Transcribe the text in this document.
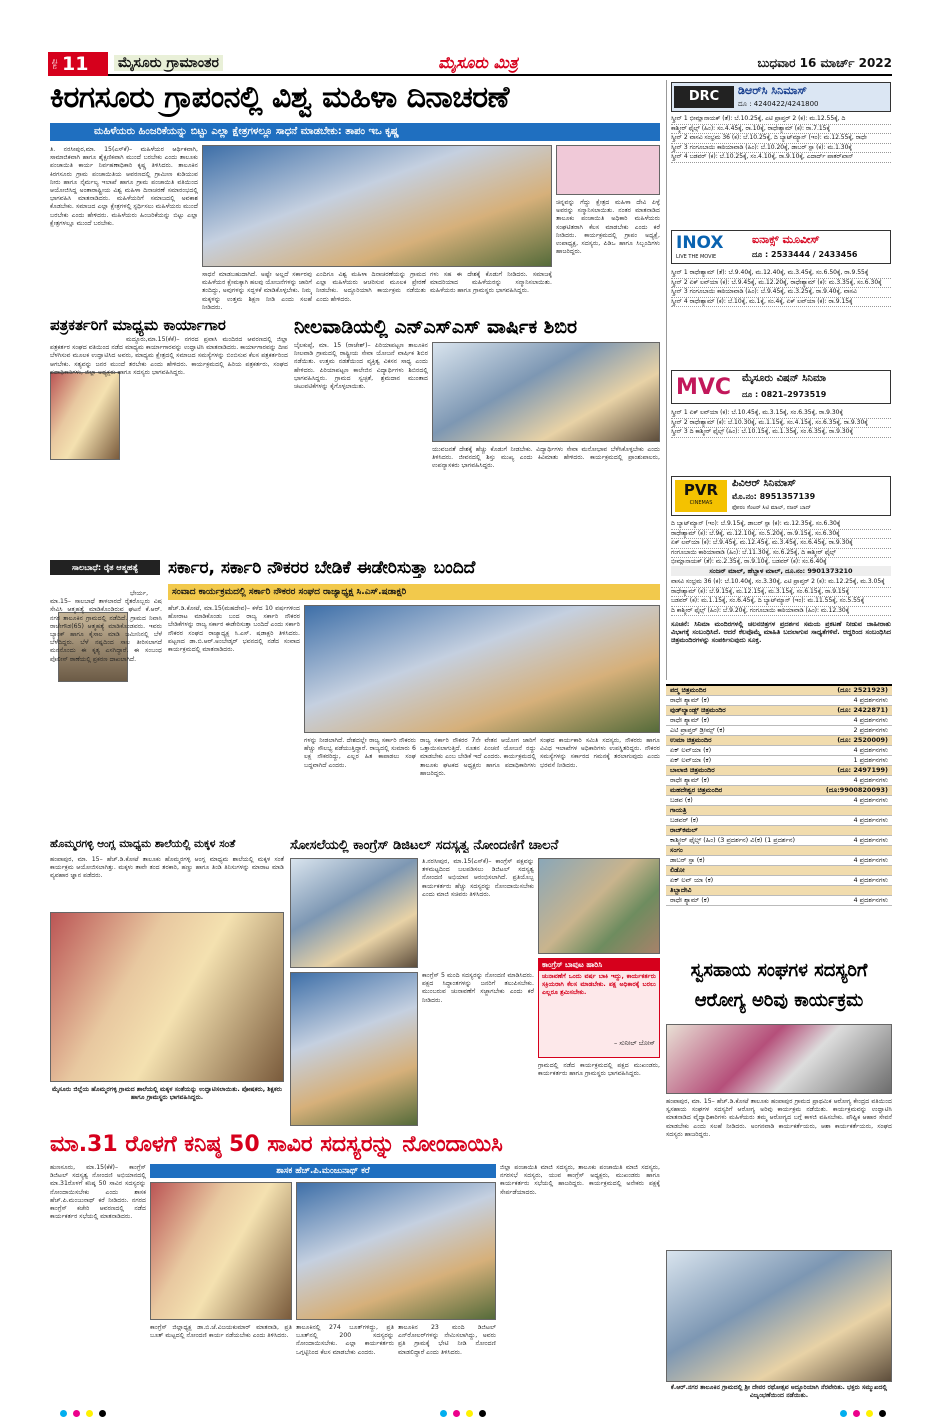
ಪುಟ 11 ಮೈಸೂರು ಗ್ರಾಮಾಂತರ	ಮೈಸೂರು ಮಿತ್ರ	ಬುಧವಾರ 16 ಮಾರ್ಚ್ 2022
ಕಿರಗಸೂರು ಗ್ರಾಪಂನಲ್ಲಿ ವಿಶ್ವ ಮಹಿಳಾ ದಿನಾಚರಣೆ
ಮಹಿಳೆಯರು ಹಿಂಜರಿಕೆಯನ್ನು ಬಿಟ್ಟು ಎಲ್ಲಾ ಕ್ಷೇತ್ರಗಳಲ್ಲೂ ಸಾಧನೆ ಮಾಡಬೇಕು: ತಾಪಂ ಇಒ ಕೃಷ್ಣ
ತಿ. ನರಸೀಪುರ,ಮಾ. 15(ಎಸ್‌ಕೆ)– ಮಹಿಳೆಯರ ಆರ್ಥಿಕವಾಗಿ, ಸಾಮಾಜಿಕವಾಗಿ ಹಾಗೂ ಶೈಕ್ಷಣಿಕವಾಗಿ ಮುಂದೆ ಬರಬೇಕು ಎಂದು ತಾಲೂಕು ಪಂಚಾಯಿತಿ ಕಾರ್ಯ ನಿರ್ವಹಣಾಧಿಕಾರಿ ಕೃಷ್ಣ ತಿಳಿಸಿದರು. ತಾಲೂಕಿನ ಕಿರಗಸೂರು ಗ್ರಾಮ ಪಂಚಾಯಿತಿಯ ಆವರಣದಲ್ಲಿ ಗ್ರಾಮೀಣ ಕುಡಿಯುವ ನೀರು ಹಾಗೂ ನೈರ್ಮಲ್ಯ ಇಲಾಖೆ ಹಾಗೂ ಗ್ರಾಮ ಪಂಚಾಯಿತಿ ವತಿಯಿಂದ ಆಯೋಜಿಸಿದ್ದ ಅಂತಾರಾಷ್ಟ್ರೀಯ ವಿಶ್ವ ಮಹಿಳಾ ದಿನಾಚರಣೆ ಸಮಾರಂಭದಲ್ಲಿ ಭಾಗವಹಿಸಿ ಮಾತನಾಡಿದರು. ಮಹಿಳೆಯರಿಗೆ ಸಮಾಜದಲ್ಲಿ ಅವಕಾಶ ಕೊಡಬೇಕು. ಸಮಾಜದ ಎಲ್ಲಾ ಕ್ಷೇತ್ರಗಳಲ್ಲಿ ಸ್ಪರ್ಧಿಸಲು ಮಹಿಳೆಯರು ಮುಂದೆ ಬರಬೇಕು ಎಂದು ಹೇಳಿದರು. ಮಹಿಳೆಯರು ಹಿಂಜರಿಕೆಯನ್ನು ಬಿಟ್ಟು ಎಲ್ಲಾ ಕ್ಷೇತ್ರಗಳಲ್ಲೂ ಮುಂದೆ ಬರಬೇಕು.
ಸಾಧನೆ ಮಾಡಬಹುದಾಗಿದೆ. ಅಷ್ಟೇ ಅಲ್ಲದೆ ಸರ್ಕಾರವು ಮಹಿಳೆಯರ ಕ್ಷೇಮಕ್ಕಾಗಿ ಹಲವು ಯೋಜನೆಗಳನ್ನು ಜಾರಿಗೆ ತಂದಿದ್ದು, ಅವುಗಳನ್ನು ಸದ್ಬಳಕೆ ಮಾಡಿಕೊಳ್ಳಬೇಕು. ನಿಮ್ಮ ಮಕ್ಕಳನ್ನು ಉತ್ತಮ ಶಿಕ್ಷಣ ನೀಡಿ ಎಂದು ಸಲಹೆ ನೀಡಿದರು.
ಎಂದಿಗೂ ವಿಶ್ವ ಮಹಿಳಾ ದಿನಾಚರಣೆಯನ್ನು ಗ್ರಾಮದ ಎಲ್ಲಾ ಮಹಿಳೆಯರು ಆಚರಿಸುವ ಮೂಲಕ ಪ್ರೇರಣೆ ನೀಡಬೇಕು. ಅದ್ದೂರಿಯಾಗಿ ಕಾರ್ಯಕ್ರಮ ನಡೆಯಿತು ಎಂದು ಹೇಳಿದರು.
ಗಳು ಸಹ ಈ ದೇಶಕ್ಕೆ ಕೊಡುಗೆ ನೀಡಿದರು. ಸಮಾಜಕ್ಕೆ ಮಾದರಿಯಾದ ಮಹಿಳೆಯರನ್ನು ಸನ್ಮಾನಿಸಲಾಯಿತು. ಮಹಿಳೆಯರು ಹಾಗೂ ಗ್ರಾಮಸ್ಥರು ಭಾಗವಹಿಸಿದ್ದರು.
ಚಿನ್ನವನ್ನು ಗೆದ್ದು ಕ್ಷೇತ್ರದ ಮಹಿಳಾ ದೇವಿ ಪಿಳ್ಳೆ ಅವರನ್ನು ಸನ್ಮಾನಿಸಲಾಯಿತು. ನಂತರ ಮಾತನಾಡಿದ ತಾಲೂಕು ಪಂಚಾಯಿತಿ ಅಧಿಕಾರಿ ಮಹಿಳೆಯರು ಸಂಘಟಿತರಾಗಿ ಕೆಲಸ ಮಾಡಬೇಕು ಎಂದು ಕರೆ ನೀಡಿದರು. ಕಾರ್ಯಕ್ರಮದಲ್ಲಿ ಗ್ರಾಪಂ ಅಧ್ಯಕ್ಷೆ, ಉಪಾಧ್ಯಕ್ಷ, ಸದಸ್ಯರು, ಪಿಡಿಒ ಹಾಗೂ ಸಿಬ್ಬಂದಿಗಳು ಹಾಜರಿದ್ದರು.
DRC	ಡಿಆರ್‌ಸಿ ಸಿನಿಮಾಸ್
ದೂ : 4240422/4241800
ಸ್ಕ್ರೀನ್ 1 ಭೀಮ್ಲಾನಾಯಕ್ (ತೆ): ಬೆ.10.25ಕ್ಕೆ, ಎಟಿ ಪ್ರಾಪ್ತರ್ 2 (ಕ): ಮ.12.55ಕ್ಕೆ, ದಿ
ಕಾಶ್ಮೀರ್ ಫೈಲ್ಸ್ (ಹಿಂ): ಸಂ.4.45ಕ್ಕೆ, ರಾ.10ಕ್ಕೆ, ರಾಧೇಶ್ಯಾಮ್ (ಕ): ರಾ.7.15ಕ್ಕೆ
ಸ್ಕ್ರೀನ್ 2 ವಾಸವಿ ಸಂಭ್ರಮ 36 (ಕ): ಬೆ.10.25ಕ್ಕೆ, ದಿ ಬ್ಯಾಟ್‌ಮ್ಯಾನ್ (ಇಂ): ಮ.12.55ಕ್ಕೆ, ರಾಧೇ
ಸ್ಕ್ರೀನ್ 3 ಗಂಗೂಬಾಯಿ ಕಾಠಿಯಾವಾಡಿ (ಹಿಂ): ಬೆ.10.20ಕ್ಕೆ, ಡಾಬರ್ ಸ್ಪಾ (ಕ): ಮ.1.30ಕ್ಕೆ
ಸ್ಕ್ರೀನ್ 4 ಬಡವರ್ (ಕ): ಬೆ.10.25ಕ್ಕೆ, ಸಂ.4.10ಕ್ಕೆ, ರಾ.9.10ಕ್ಕೆ, ಎದಾರ್ದ್ ಪಾತರ್‌ಖಾನ್
INOX
LIVE THE MOVIE
ಐನಾಕ್ಸ್ ಮೂವೀಸ್
ದೂ : 2533444 / 2433456
ಸ್ಕ್ರೀನ್ 1 ರಾಧೇಶ್ಯಾಮ್ (ತೆ): ಬೆ.9.40ಕ್ಕೆ, ಮ.12.40ಕ್ಕೆ, ಮ.3.45ಕ್ಕೆ, ಸಂ.6.50ಕ್ಕೆ, ರಾ.9.55ಕ್ಕೆ
ಸ್ಕ್ರೀನ್ 2 ಏಕ್ ಲವ್‌ಯಾ (ಕ): ಬೆ.9.45ಕ್ಕೆ, ಮ.12.20ಕ್ಕೆ, ರಾಧೇಶ್ಯಾಮ್ (ಕ): ಮ.3.35ಕ್ಕೆ, ಸಂ.6.30ಕ್ಕೆ
ಸ್ಕ್ರೀನ್ 3 ಗಂಗೂಬಾಯಿ ಕಾಠಿಯಾವಾಡಿ (ಹಿಂ): ಬೆ.9.45ಕ್ಕೆ, ಮ.3.25ಕ್ಕೆ, ರಾ.9.40ಕ್ಕೆ, ವಾಸವಿ
ಸ್ಕ್ರೀನ್ 4 ರಾಧೇಶ್ಯಾಮ್ (ಕ): ಬೆ.10ಕ್ಕೆ, ಮ.1ಕ್ಕೆ, ಸಂ.4ಕ್ಕೆ, ಏಕ್ ಲವ್‌ಯಾ (ಕ): ರಾ.9.15ಕ್ಕೆ
MVC	ಮೈಸೂರು ವಿಷನ್ ಸಿನಿಮಾ
ದೂ : 0821–2973519
ಸ್ಕ್ರೀನ್ 1 ಏಕ್ ಲವ್‌ಯಾ (ಕ): ಬೆ.10.45ಕ್ಕೆ, ಮ.3.15ಕ್ಕೆ, ಸಂ.6.35ಕ್ಕೆ, ರಾ.9.30ಕ್ಕೆ
ಸ್ಕ್ರೀನ್ 2 ರಾಧೇಶ್ಯಾಮ್ (ಕ): ಬೆ.10.30ಕ್ಕೆ, ಮ.1.15ಕ್ಕೆ, ಸಂ.4.15ಕ್ಕೆ, ಸಂ.6.35ಕ್ಕೆ, ರಾ.9.30ಕ್ಕೆ
ಸ್ಕ್ರೀನ್ 3 ದಿ ಕಾಶ್ಮೀರ್ ಫೈಲ್ಸ್ (ಹಿಂ): ಬೆ.10.15ಕ್ಕೆ, ಮ.1.35ಕ್ಕೆ, ಸಂ.6.35ಕ್ಕೆ, ರಾ.9.30ಕ್ಕೆ
PVR
CINEMAS
ಪಿವಿಆರ್ ಸಿನಿಮಾಸ್
ಮೊ.ನಂ: 8951357139
ಫೋರಂ ಸೆಂಟರ್ ಸಿಟಿ ಮಾಲ್, ನಜರ್ ಬಾದ್
ದಿ ಬ್ಯಾಟ್‌ಮ್ಯಾನ್ (ಇಂ): ಬೆ.9.15ಕ್ಕೆ, ಡಾಬರ್ ಸ್ಪಾ (ಕ): ಮ.12.35ಕ್ಕೆ, ಸಂ.6.30ಕ್ಕೆ
ರಾಧೇಶ್ಯಾಮ್ (ಕ): ಬೆ.9ಕ್ಕೆ, ಮ.12.10ಕ್ಕೆ, ಸಂ.5.20ಕ್ಕೆ, ರಾ.9.15ಕ್ಕೆ, ಸಂ.6.30ಕ್ಕೆ
ಏಕ್ ಲವ್‌ಯಾ (ಕ): ಬೆ.9.45ಕ್ಕೆ, ಮ.12.45ಕ್ಕೆ, ಮ.3.45ಕ್ಕೆ, ಸಂ.6.45ಕ್ಕೆ, ರಾ.9.30ಕ್ಕೆ
ಗಂಗೂಬಾಯಿ ಕಾಠಿಯಾವಾಡಿ (ಹಿಂ): ಬೆ.11.30ಕ್ಕೆ, ಸಂ.6.25ಕ್ಕೆ, ದಿ ಕಾಶ್ಮೀರ್ ಫೈಲ್ಸ್
ಭೀಮ್ಲಾನಾಯಕ್ (ತೆ): ಮ.2.35ಕ್ಕೆ, ರಾ.9.10ಕ್ಕೆ, ಬಡವರ್ (ಕ): ಸಂ.6.40ಕ್ಕೆ
ಸಂಜನ್ ಮಾಲ್, ಹೆಬ್ಬಾಳ ಮಾಲ್, ದೂ.ನಂ: 9901373210
ವಾಸವಿ ಸಂಭ್ರಮ 36 (ಕ): ಬೆ.10.40ಕ್ಕೆ, ಸಂ.3.30ಕ್ಕೆ, ಎಟಿ ಪ್ರಾಪ್ತರ್ 2 (ಕ): ಮ.12.25ಕ್ಕೆ, ಮ.3.05ಕ್ಕೆ
ರಾಧೇಶ್ಯಾಮ್ (ಕ): ಬೆ.9.15ಕ್ಕೆ, ಮ.12.15ಕ್ಕೆ, ಮ.3.15ಕ್ಕೆ, ಸಂ.6.15ಕ್ಕೆ, ರಾ.9.15ಕ್ಕೆ
ಬಡವರ್ (ಕ): ಮ.1.15ಕ್ಕೆ, ಸಂ.6.45ಕ್ಕೆ, ದಿ ಬ್ಯಾಟ್‌ಮ್ಯಾನ್ (ಇಂ): ಮ.11.55ಕ್ಕೆ, ಸಂ.5.55ಕ್ಕೆ
ದಿ ಕಾಶ್ಮೀರ್ ಫೈಲ್ಸ್ (ಹಿಂ): ಬೆ.9.20ಕ್ಕೆ, ಗಂಗೂಬಾಯಿ ಕಾಠಿಯಾವಾಡಿ (ಹಿಂ): ಮ.12.30ಕ್ಕೆ
ಸೂಚನೆ: ಸಿನಿಮಾ ಮಂದಿರಗಳಲ್ಲಿ ಚಲನಚಿತ್ರಗಳ ಪ್ರದರ್ಶನ ಸಮಯ ಪ್ರಕಟಣೆ ನೀಡುವ ಜಾಹೀರಾತು ವಿಭಾಗಕ್ಕೆ ಸಂಬಂಧಿಸಿದೆ. ಆದರೆ ಕೆಲವೊಮ್ಮೆ ಮಾಹಿತಿ ಬದಲಾಗುವ ಸಾಧ್ಯತೆಗಳಿವೆ. ಆದ್ದರಿಂದ ಸಂಬಂಧಿಸಿದ ಚಿತ್ರಮಂದಿರಗಳನ್ನು ಸಂಪರ್ಕಿಸುವುದು ಸೂಕ್ತ.
ಪದ್ಮ ಚಿತ್ರಮಂದಿರ	(ದೂ: 2521923)
ರಾಧೇ ಶ್ಯಾಮ್ (ಕ)	4 ಪ್ರದರ್ಶನಗಳು
ವುಡ್‌ಲ್ಯಾಂಡ್ಸ್ ಚಿತ್ರಮಂದಿರ	(ದೂ: 2422871)
ರಾಧೇ ಶ್ಯಾಮ್ (ಕ)	4 ಪ್ರದರ್ಶನಗಳು
ಎಟಿ ಪ್ರಾಪ್ತರ್ ಡ್ರೀಮ್ಸ್ (ಕ)	2 ಪ್ರದರ್ಶನಗಳು
ಉಮಾ ಚಿತ್ರಮಂದಿರ	(ದೂ: 2520009)
ಏಕ್ ಲವ್‌ಯಾ (ಕ)	4 ಪ್ರದರ್ಶನಗಳು
ಏಕ್ ಲವ್‌ಯಾ (ಕ)	1 ಪ್ರದರ್ಶನಗಳು
ಬಾಲಾಜಿ ಚಿತ್ರಮಂದಿರ	(ದೂ: 2497199)
ರಾಧೇ ಶ್ಯಾಮ್ (ಕ)	4 ಪ್ರದರ್ಶನಗಳು
ಮಹದೇಶ್ವರ ಚಿತ್ರಮಂದಿರ	(ದೂ:9900820093)
ಬಡವ (ಕ)	4 ಪ್ರದರ್ಶನಗಳು
ಗಾಯತ್ರಿ
ಬಡವರ್ (ಕ)	4 ಪ್ರದರ್ಶನಗಳು
ರಾಜ್‌ಕಮಲ್
ಕಾಶ್ಮೀರ್ ಫೈಲ್ಸ್ (ಹಿಂ) (3 ಪ್ರದರ್ಶನ) ವಿ(ಕ) (1 ಪ್ರದರ್ಶನ)	4 ಪ್ರದರ್ಶನಗಳು
ಸಂಗಂ
ಡಾಬರ್ ಸ್ಪಾ (ಕ)	4 ಪ್ರದರ್ಶನಗಳು
ಲಿಡೋ
ಏಕ್ ಲವ್ ಯಾ (ಕ)	4 ಪ್ರದರ್ಶನಗಳು
ತಿಬ್ಬಾದೇವಿ
ರಾಧೇ ಶ್ಯಾಮ್ (ಕ)	4 ಪ್ರದರ್ಶನಗಳು
ಪತ್ರಕರ್ತರಿಗೆ ಮಾಧ್ಯಮ ಕಾರ್ಯಾಗಾರ
ಮದ್ದೂರು,ಮಾ.15(ಕೆಕೆ)– ನಗರದ ಪ್ರವಾಸಿ ಮಂದಿರದ ಆವರಣದಲ್ಲಿ ಜಿಲ್ಲಾ ಪತ್ರಕರ್ತರ ಸಂಘದ ವತಿಯಿಂದ ನಡೆದ ಮಾಧ್ಯಮ ಕಾರ್ಯಾಗಾರವನ್ನು ಉದ್ಘಾಟಿಸಿ ಮಾತನಾಡಿದರು. ಕಾರ್ಯಾಗಾರವನ್ನು ದೀಪ ಬೆಳಗಿಸುವ ಮೂಲಕ ಉದ್ಘಾಟಿಸಿದ ಅವರು, ಮಾಧ್ಯಮ ಕ್ಷೇತ್ರದಲ್ಲಿ ಸಮಾಜದ ಸಮಸ್ಯೆಗಳನ್ನು ಬಿಂಬಿಸುವ ಕೆಲಸ ಪತ್ರಕರ್ತರಿಂದ ಆಗಬೇಕು. ಸತ್ಯವನ್ನು ಜನರ ಮುಂದೆ ತರಬೇಕು ಎಂದು ಹೇಳಿದರು. ಕಾರ್ಯಕ್ರಮದಲ್ಲಿ ಹಿರಿಯ ಪತ್ರಕರ್ತರು, ಸಂಘದ ಪದಾಧಿಕಾರಿಗಳು, ಜಿಲ್ಲಾ ಅಧ್ಯಕ್ಷರು ಹಾಗೂ ಸದಸ್ಯರು ಭಾಗವಹಿಸಿದ್ದರು.
ನೀಲವಾಡಿಯಲ್ಲಿ ಎನ್‌ಎಸ್‌ಎಸ್ ವಾರ್ಷಿಕ ಶಿಬಿರ
ಬೈಲಕುಪ್ಪೆ, ಮಾ. 15 (ರಾಜೇಶ್)– ಪಿರಿಯಾಪಟ್ಟಣ ತಾಲೂಕಿನ ನೀಲವಾಡಿ ಗ್ರಾಮದಲ್ಲಿ ರಾಷ್ಟ್ರೀಯ ಸೇವಾ ಯೋಜನೆ ವಾರ್ಷಿಕ ಶಿಬಿರ ನಡೆಯಿತು. ಉತ್ತಮ ನಡತೆಯಿಂದ ವ್ಯಕ್ತಿತ್ವ ವಿಕಸನ ಸಾಧ್ಯ ಎಂದು ಹೇಳಿದರು. ಪಿರಿಯಾಪಟ್ಟಣ ಕಾಲೇಜಿನ ವಿದ್ಯಾರ್ಥಿಗಳು ಶಿಬಿರದಲ್ಲಿ ಭಾಗವಹಿಸಿದ್ದರು. ಗ್ರಾಮದ ಸ್ವಚ್ಛತೆ, ಶ್ರಮದಾನ ಮುಂತಾದ ಚಟುವಟಿಕೆಗಳನ್ನು ಕೈಗೊಳ್ಳಲಾಯಿತು.
ಯುವಜನತೆ ದೇಶಕ್ಕೆ ಹೆಚ್ಚು ಕೊಡುಗೆ ನೀಡಬೇಕು. ವಿದ್ಯಾರ್ಥಿಗಳು ಸೇವಾ ಮನೋಭಾವ ಬೆಳೆಸಿಕೊಳ್ಳಬೇಕು ಎಂದು ತಿಳಿಸಿದರು. ಜೀವನದಲ್ಲಿ ಶಿಸ್ತು ಮುಖ್ಯ ಎಂದು ಕಿವಿಮಾತು ಹೇಳಿದರು. ಕಾರ್ಯಕ್ರಮದಲ್ಲಿ ಪ್ರಾಂಶುಪಾಲರು, ಉಪನ್ಯಾಸಕರು ಭಾಗವಹಿಸಿದ್ದರು.
ಸಾಲಬಾಧೆ: ರೈತ ಆತ್ಮಹತ್ಯೆ
ಭೇರ್ಯ, ಮಾ.15– ಸಾಲಬಾಧೆ ತಾಳಲಾರದೆ ರೈತರೊಬ್ಬರು ವಿಷ ಸೇವಿಸಿ ಆತ್ಮಹತ್ಯೆ ಮಾಡಿಕೊಂಡಿರುವ ಘಟನೆ ಕೆ.ಆರ್. ನಗರ ತಾಲೂಕಿನ ಗ್ರಾಮದಲ್ಲಿ ನಡೆದಿದೆ. ಗ್ರಾಮದ ನಿವಾಸಿ ರಾಜೇಗೌಡ(65) ಆತ್ಮಹತ್ಯೆ ಮಾಡಿಕೊಂಡವರು. ಇವರು ಬ್ಯಾಂಕ್ ಹಾಗೂ ಕೈಸಾಲ ಮಾಡಿ ಜಮೀನಿನಲ್ಲಿ ಬೆಳೆ ಬೆಳೆದಿದ್ದರು. ಬೆಳೆ ನಷ್ಟದಿಂದ ಸಾಲ ತೀರಿಸಲಾಗದೆ ಮನನೊಂದು ಈ ಕೃತ್ಯ ಎಸಗಿದ್ದಾರೆ. ಈ ಸಂಬಂಧ ಪೊಲೀಸ್ ಠಾಣೆಯಲ್ಲಿ ಪ್ರಕರಣ ದಾಖಲಾಗಿದೆ.
ಸರ್ಕಾರ, ಸರ್ಕಾರಿ ನೌಕರರ ಬೇಡಿಕೆ ಈಡೇರಿಸುತ್ತಾ ಬಂದಿದೆ
ಸಂವಾದ ಕಾರ್ಯಕ್ರಮದಲ್ಲಿ ಸರ್ಕಾರಿ ನೌಕರರ ಸಂಘದ ರಾಜ್ಯಾಧ್ಯಕ್ಷ ಸಿ.ಎಸ್.ಷಡಾಕ್ಷರಿ
ಹೆಚ್.ಡಿ.ಕೋಟೆ, ಮಾ.15(ಮಹದೇವ)– ಕಳೆದ 10 ವರ್ಷಗಳಿಂದ ಹೋರಾಟ ಮಾಡಿಕೊಂಡು ಬಂದ ರಾಜ್ಯ ಸರ್ಕಾರಿ ನೌಕರರ ಬೇಡಿಕೆಗಳನ್ನು ರಾಜ್ಯ ಸರ್ಕಾರ ಈಡೇರಿಸುತ್ತಾ ಬಂದಿದೆ ಎಂದು ಸರ್ಕಾರಿ ನೌಕರರ ಸಂಘದ ರಾಜ್ಯಾಧ್ಯಕ್ಷ ಸಿ.ಎಸ್. ಷಡಾಕ್ಷರಿ ತಿಳಿಸಿದರು. ಪಟ್ಟಣದ ಡಾ.ಬಿ.ಆರ್.ಅಂಬೇಡ್ಕರ್ ಭವನದಲ್ಲಿ ನಡೆದ ಸಂವಾದ ಕಾರ್ಯಕ್ರಮದಲ್ಲಿ ಮಾತನಾಡಿದರು.
ಗಳನ್ನು ನೀಡಲಾಗಿದೆ. ದೇಶದಲ್ಲೇ ರಾಜ್ಯ ಸರ್ಕಾರಿ ನೌಕರರು ಹೆಚ್ಚು ಸೌಲಭ್ಯ ಪಡೆಯುತ್ತಿದ್ದಾರೆ. ರಾಜ್ಯದಲ್ಲಿ ಸುಮಾರು 6 ಲಕ್ಷ ನೌಕರರಿದ್ದು, ಎಲ್ಲರ ಹಿತ ಕಾಪಾಡಲು ಸಂಘ ಬದ್ಧವಾಗಿದೆ ಎಂದರು.
ರಾಜ್ಯ ಸರ್ಕಾರಿ ನೌಕರರ 7ನೇ ವೇತನ ಆಯೋಗ ಜಾರಿಗೆ ಒತ್ತಾಯಿಸಲಾಗುತ್ತಿದೆ. ನೂತನ ಪಿಂಚಣಿ ಯೋಜನೆ ರದ್ದು ಮಾಡಬೇಕು ಎಂಬ ಬೇಡಿಕೆ ಇದೆ ಎಂದರು. ಕಾರ್ಯಕ್ರಮದಲ್ಲಿ ತಾಲೂಕು ಘಟಕದ ಅಧ್ಯಕ್ಷರು ಹಾಗೂ ಪದಾಧಿಕಾರಿಗಳು ಹಾಜರಿದ್ದರು.
ಸಂಘದ ಕಾರ್ಯಕಾರಿ ಸಮಿತಿ ಸದಸ್ಯರು, ನೌಕರರು ಹಾಗೂ ವಿವಿಧ ಇಲಾಖೆಗಳ ಅಧಿಕಾರಿಗಳು ಉಪಸ್ಥಿತರಿದ್ದರು. ನೌಕರರ ಸಮಸ್ಯೆಗಳನ್ನು ಸರ್ಕಾರದ ಗಮನಕ್ಕೆ ತರಲಾಗುವುದು ಎಂದು ಭರವಸೆ ನೀಡಿದರು.
ಹೊಮ್ಮರಗಳ್ಳಿ ಆಂಗ್ಲ ಮಾಧ್ಯಮ ಶಾಲೆಯಲ್ಲಿ ಮಕ್ಕಳ ಸಂತೆ
ಹಂಪಾಪುರ, ಮಾ. 15– ಹೆಚ್.ಡಿ.ಕೋಟೆ ತಾಲೂಕು ಹೊಮ್ಮರಗಳ್ಳಿ ಆಂಗ್ಲ ಮಾಧ್ಯಮ ಶಾಲೆಯಲ್ಲಿ ಮಕ್ಕಳ ಸಂತೆ ಕಾರ್ಯಕ್ರಮ ಆಯೋಜಿಸಲಾಗಿತ್ತು. ಮಕ್ಕಳು ತಾವೇ ತಂದ ತರಕಾರಿ, ಹಣ್ಣು ಹಾಗೂ ತಿಂಡಿ ತಿನಿಸುಗಳನ್ನು ಮಾರಾಟ ಮಾಡಿ ವ್ಯವಹಾರ ಜ್ಞಾನ ಪಡೆದರು.
ಮೈಸೂರು ಜಿಲ್ಲೆಯ ಹೊಮ್ಮರಗಳ್ಳಿ ಗ್ರಾಮದ ಶಾಲೆಯಲ್ಲಿ ಮಕ್ಕಳ ಸಂತೆಯನ್ನು ಉದ್ಘಾಟಿಸಲಾಯಿತು. ಪೋಷಕರು, ಶಿಕ್ಷಕರು ಹಾಗೂ ಗ್ರಾಮಸ್ಥರು ಭಾಗವಹಿಸಿದ್ದರು.
ಸೋಸಲೆಯಲ್ಲಿ ಕಾಂಗ್ರೆಸ್ ಡಿಜಿಟಲ್ ಸದಸ್ಯತ್ವ ನೋಂದಣಿಗೆ ಚಾಲನೆ
ತಿ.ನರಸೀಪುರ, ಮಾ.15(ಎಸ್‌ಕೆ)– ಕಾಂಗ್ರೆಸ್ ಪಕ್ಷವನ್ನು ತಳಮಟ್ಟದಿಂದ ಬಲಪಡಿಸಲು ಡಿಜಿಟಲ್ ಸದಸ್ಯತ್ವ ನೋಂದಣಿ ಅಭಿಯಾನ ಆರಂಭಿಸಲಾಗಿದೆ. ಪ್ರತಿಯೊಬ್ಬ ಕಾರ್ಯಕರ್ತರು ಹೆಚ್ಚು ಸದಸ್ಯರನ್ನು ನೋಂದಾಯಿಸಬೇಕು ಎಂದು ಮಾಜಿ ಸಚಿವರು ತಿಳಿಸಿದರು.
ಕಾಂಗ್ರೆಸ್ 5 ಮಂದಿ ಸದಸ್ಯರನ್ನು ನೋಂದಣಿ ಮಾಡಿಸಿದರು. ಪಕ್ಷದ ಸಿದ್ಧಾಂತಗಳನ್ನು ಜನರಿಗೆ ತಲುಪಿಸಬೇಕು. ಮುಂಬರುವ ಚುನಾವಣೆಗೆ ಸಜ್ಜಾಗಬೇಕು ಎಂದು ಕರೆ ನೀಡಿದರು.
ಕಾಂಗ್ರೆಸ್ ಬಾವುಟ ಹಾರಿಸಿ
ಚುನಾವಣೆಗೆ ಒಂದು ವರ್ಷ ಬಾಕಿ ಇದ್ದು, ಕಾರ್ಯಕರ್ತರು ಸಕ್ರಿಯರಾಗಿ ಕೆಲಸ ಮಾಡಬೇಕು. ಪಕ್ಷ ಅಧಿಕಾರಕ್ಕೆ ಬರಲು ಎಲ್ಲರೂ ಶ್ರಮಿಸಬೇಕು.
– ಸುನೀಲ್ ಬೋಸ್
ಗ್ರಾಮದಲ್ಲಿ ನಡೆದ ಕಾರ್ಯಕ್ರಮದಲ್ಲಿ ಪಕ್ಷದ ಮುಖಂಡರು, ಕಾರ್ಯಕರ್ತರು ಹಾಗೂ ಗ್ರಾಮಸ್ಥರು ಭಾಗವಹಿಸಿದ್ದರು.
ಸ್ವಸಹಾಯ ಸಂಘಗಳ ಸದಸ್ಯರಿಗೆ ಆರೋಗ್ಯ ಅರಿವು ಕಾರ್ಯಕ್ರಮ
ಹಂಪಾಪುರ, ಮಾ. 15– ಹೆಚ್.ಡಿ.ಕೋಟೆ ತಾಲೂಕು ಹಂಪಾಪುರ ಗ್ರಾಮದ ಪ್ರಾಥಮಿಕ ಆರೋಗ್ಯ ಕೇಂದ್ರದ ವತಿಯಿಂದ ಸ್ವಸಹಾಯ ಸಂಘಗಳ ಸದಸ್ಯರಿಗೆ ಆರೋಗ್ಯ ಅರಿವು ಕಾರ್ಯಕ್ರಮ ನಡೆಯಿತು. ಕಾರ್ಯಕ್ರಮವನ್ನು ಉದ್ಘಾಟಿಸಿ ಮಾತನಾಡಿದ ವೈದ್ಯಾಧಿಕಾರಿಗಳು ಮಹಿಳೆಯರು ತಮ್ಮ ಆರೋಗ್ಯದ ಬಗ್ಗೆ ಕಾಳಜಿ ವಹಿಸಬೇಕು. ಪೌಷ್ಟಿಕ ಆಹಾರ ಸೇವನೆ ಮಾಡಬೇಕು ಎಂದು ಸಲಹೆ ನೀಡಿದರು. ಅಂಗನವಾಡಿ ಕಾರ್ಯಕರ್ತೆಯರು, ಆಶಾ ಕಾರ್ಯಕರ್ತೆಯರು, ಸಂಘದ ಸದಸ್ಯರು ಹಾಜರಿದ್ದರು.
ಕೆ.ಆರ್.ನಗರ ತಾಲೂಕಿನ ಗ್ರಾಮದಲ್ಲಿ ಶ್ರೀ ದೇವರ ರಥೋತ್ಸವ ಅದ್ದೂರಿಯಾಗಿ ನೆರವೇರಿತು. ಭಕ್ತರು ಸಮ್ಮುಖದಲ್ಲಿ ವಿಜೃಂಭಣೆಯಿಂದ ನಡೆಯಿತು.
ಮಾ.31 ರೊಳಗೆ ಕನಿಷ್ಠ 50 ಸಾವಿರ ಸದಸ್ಯರನ್ನು ನೋಂದಾಯಿಸಿ
ಶಾಸಕ ಹೆಚ್.ಪಿ.ಮಂಜುನಾಥ್ ಕರೆ
ಹುಣಸೂರು, ಮಾ.15(ಕೆಕೆ)– ಕಾಂಗ್ರೆಸ್ ಡಿಜಿಟಲ್ ಸದಸ್ಯತ್ವ ನೋಂದಣಿ ಅಭಿಯಾನದಲ್ಲಿ ಮಾ.31ರೊಳಗೆ ಕನಿಷ್ಠ 50 ಸಾವಿರ ಸದಸ್ಯರನ್ನು ನೋಂದಾಯಿಸಬೇಕು ಎಂದು ಶಾಸಕ ಹೆಚ್.ಪಿ.ಮಂಜುನಾಥ್ ಕರೆ ನೀಡಿದರು. ನಗರದ ಕಾಂಗ್ರೆಸ್ ಕಚೇರಿ ಆವರಣದಲ್ಲಿ ನಡೆದ ಕಾರ್ಯಕರ್ತರ ಸಭೆಯಲ್ಲಿ ಮಾತನಾಡಿದರು.
ಕಾಂಗ್ರೆಸ್ ಜಿಲ್ಲಾಧ್ಯಕ್ಷ ಡಾ.ಬಿ.ಜೆ.ವಿಜಯಕುಮಾರ್ ಮಾತನಾಡಿ, ಪ್ರತಿ ಬೂತ್ ಮಟ್ಟದಲ್ಲಿ ನೋಂದಣಿ ಕಾರ್ಯ ನಡೆಯಬೇಕು ಎಂದು ತಿಳಿಸಿದರು.
ತಾಲೂಕಿನಲ್ಲಿ 274 ಬೂತ್‌ಗಳಿದ್ದು, ಪ್ರತಿ ಬೂತ್‌ನಲ್ಲಿ 200 ಸದಸ್ಯರನ್ನು ನೋಂದಾಯಿಸಬೇಕು. ಎಲ್ಲಾ ಕಾರ್ಯಕರ್ತರು ಒಗ್ಗಟ್ಟಿನಿಂದ ಕೆಲಸ ಮಾಡಬೇಕು ಎಂದರು.
ತಾಲೂಕಿನ 23 ಮಂದಿ ಡಿಜಿಟಲ್ ಎನ್‌ರೋಲರ್‌ಗಳನ್ನು ನೇಮಿಸಲಾಗಿದ್ದು, ಅವರು ಪ್ರತಿ ಗ್ರಾಮಕ್ಕೆ ಭೇಟಿ ನೀಡಿ ನೋಂದಣಿ ಮಾಡಲಿದ್ದಾರೆ ಎಂದು ತಿಳಿಸಿದರು.
ಜಿಲ್ಲಾ ಪಂಚಾಯಿತಿ ಮಾಜಿ ಸದಸ್ಯರು, ತಾಲೂಕು ಪಂಚಾಯಿತಿ ಮಾಜಿ ಸದಸ್ಯರು, ನಗರಸಭೆ ಸದಸ್ಯರು, ಯುವ ಕಾಂಗ್ರೆಸ್ ಅಧ್ಯಕ್ಷರು, ಮುಖಂಡರು ಹಾಗೂ ಕಾರ್ಯಕರ್ತರು ಸಭೆಯಲ್ಲಿ ಹಾಜರಿದ್ದರು. ಕಾರ್ಯಕ್ರಮದಲ್ಲಿ ಅನೇಕರು ಪಕ್ಷಕ್ಕೆ ಸೇರ್ಪಡೆಯಾದರು.
